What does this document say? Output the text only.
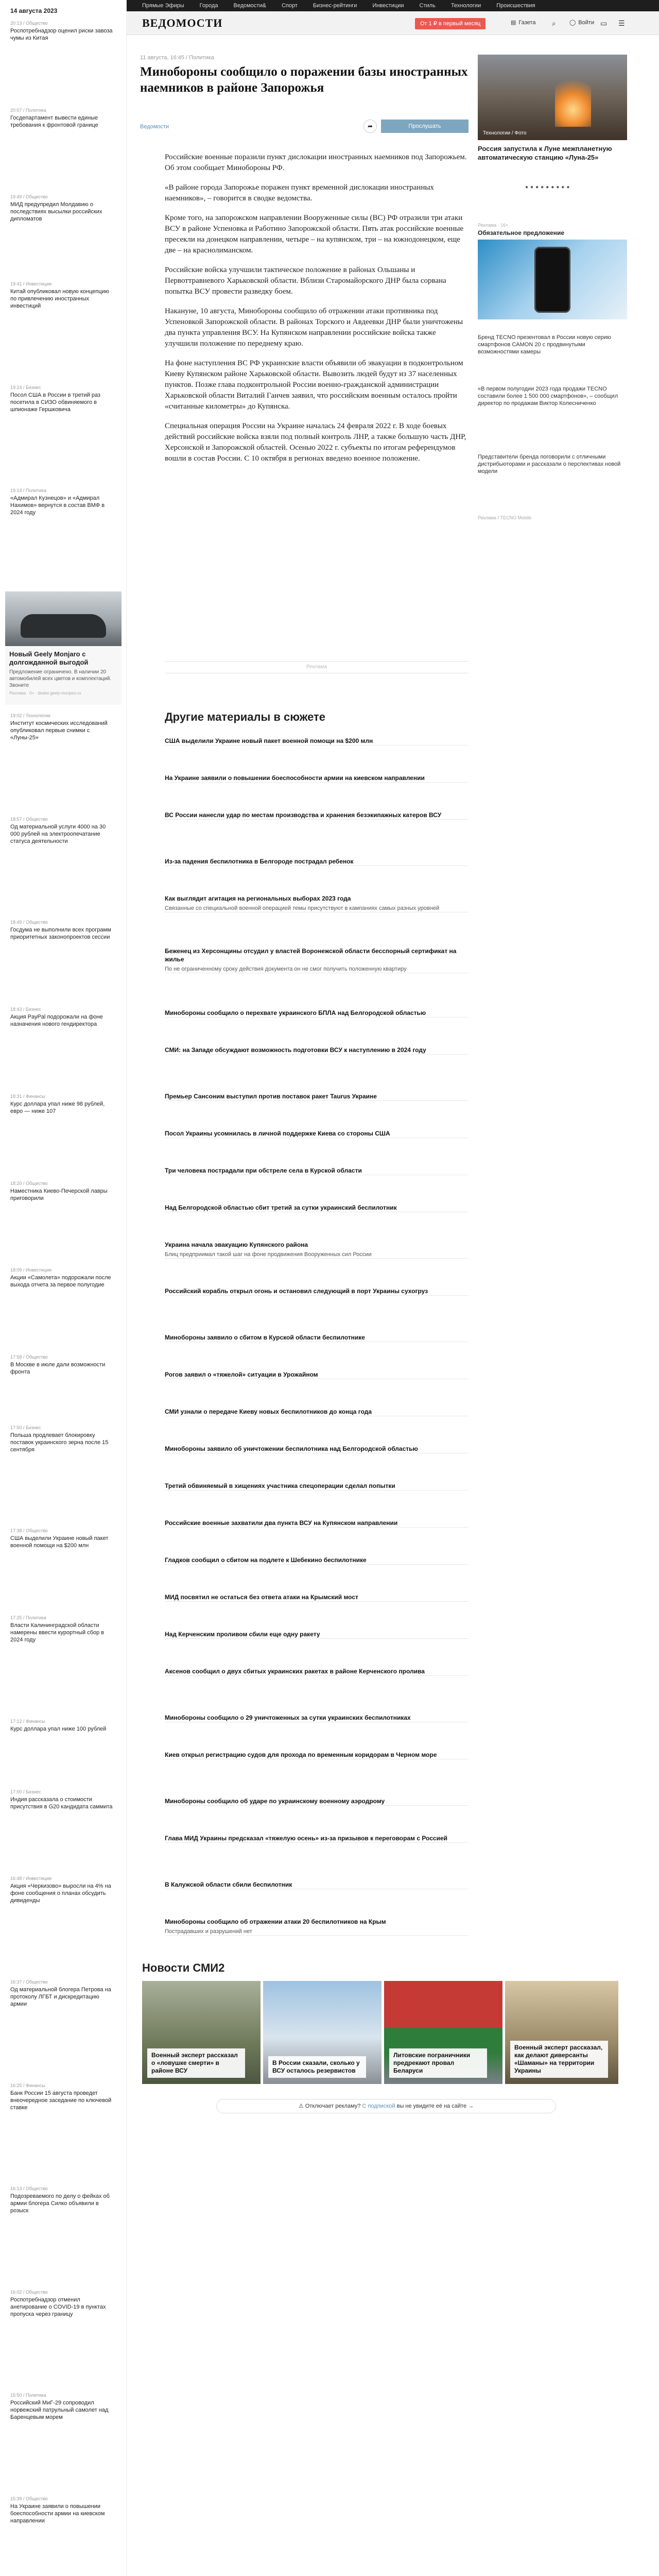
14 августа 2023
20:13 / Общество
Роспотребнадзор оценил риски завоза чумы из Китая
20:07 / Политика
Госдепартамент вывести единые требования к фронтовой границе
19:49 / Общество
МИД предупредил Молдавию о последствиях высылки российских дипломатов
19:41 / Инвестиции
Китай опубликовал новую концепцию по привлечению иностранных инвестиций
19:24 / Бизнес
Посол США в России в третий раз посетила в СИЗО обвиняемого в шпионаже Гершковича
19:14 / Политика
«Адмирал Кузнецов» и «Адмирал Нахимов» вернутся в состав ВМФ в 2024 году
Новый Geely Monjaro с долгожданной выгодой
Предложение ограничено. В наличии 20 автомобилей всех цветов и комплектаций. Звоните
Реклама · 0+ · dealer.geely-monjaro.ru
19:02 / Технологии
Институт космических исследований опубликовал первые снимки с «Луны-25»
18:57 / Общество
Од материальной услуги 4000 на 30 000 рублей на электроопечатание статуса деятельности
18:49 / Общество
Госдума не выполнили всех программ приоритетных законопроектов сессии
18:43 / Бизнес
Акция PayPal подорожали на фоне назначения нового гендиректора
18:31 / Финансы
Курс доллара упал ниже 98 рублей, евро — ниже 107
18:20 / Общество
Наместника Киево-Печерской лавры приговорили
18:09 / Инвестиции
Акции «Самолета» подорожали после выхода отчета за первое полугодие
17:58 / Общество
В Москве в июле дали возможности фронта
17:50 / Бизнес
Польша продлевает блокировку поставок украинского зерна после 15 сентября
17:38 / Общество
США выделили Украине новый пакет военной помощи на $200 млн
17:25 / Политика
Власти Калининградской области намерены ввести курортный сбор в 2024 году
17:12 / Финансы
Курс доллара упал ниже 100 рублей
17:00 / Бизнес
Индия рассказала о стоимости присутствия в G20 кандидата саммита
16:48 / Инвестиции
Акция «Черкизово» выросли на 4% на фоне сообщения о планах обсудить дивиденды
16:37 / Общество
Од материальной блогера Петрова на протоколу ЛГБТ и дискредитацию армии
16:25 / Финансы
Банк России 15 августа проведет внеочередное заседание по ключевой ставке
16:13 / Общество
Подозреваемого по делу о фейках об армии блогера Силко объявили в розыск
16:02 / Общество
Роспотребнадзор отменил анетирование о COVID-19 в пунктах пропуска через границу
15:50 / Политика
Российский МиГ-29 сопроводил норвежский патрульный самолет над Баренцевым морем
15:39 / Общество
На Украине заявили о повышении боеспособности армии на киевском направлении
Прямые Эфиры	Города	Ведомости&	Спорт	Бизнес-рейтинги	Инвестиции	Стиль	Технологии	Происшествия
ВЕДОМОСТИ	От 1 ₽ в первый месяц	▤ Газета ⌕ ◯ Войти ▭ ☰
11 августа, 16:45 / Политика
Минобороны сообщило о поражении базы иностранных наемников в районе Запорожья
Ведомости	➦	Прослушать

Российские военные поразили пункт дислокации иностранных наемников под Запорожьем. Об этом сообщает Минобороны РФ.

«В районе города Запорожье поражен пункт временной дислокации иностранных наемников», – говорится в сводке ведомства.

Кроме того, на запорожском направлении Вооруженные силы (ВС) РФ отразили три атаки ВСУ в районе Успеновка и Работино Запорожской области. Пять атак российские военные пресекли на донецком направлении, четыре – на купянском, три – на южнодонецком, еще две – на краснолиманском.

Российские войска улучшили тактическое положение в районах Ольшаны и Первоттравневого Харьковской области. Вблизи Старомайорского ДНР была сорвана попытка ВСУ провести разведку боем.

Накануне, 10 августа, Минобороны сообщило об отражении атаки противника под Успеновкой Запорожской области. В районах Торского и Авдеевки ДНР были уничтожены два пункта управления ВСУ. На Купянском направлении российские войска также улучшили положение по переднему краю.

На фоне наступления ВС РФ украинские власти объявили об эвакуации в подконтрольном Киеву Купянском районе Харьковской области. Вывозить людей будут из 37 населенных пунктов. Позже глава подконтрольной России военно-гражданской администрации Харьковской области Виталий Ганчев заявил, что российским военным осталось пройти «считанные километры» до Купянска.

Специальная операция России на Украине началась 24 февраля 2022 г. В ходе боевых действий российские войска взяли под полный контроль ЛНР, а также большую часть ДНР, Херсонской и Запорожской областей. Осенью 2022 г. субъекты по итогам референдумов вошли в состав России. С 10 октября в регионах введено военное положение.

Реклама
Другие материалы в сюжете
США выделили Украине новый пакет военной помощи на $200 млн
На Украине заявили о повышении боеспособности армии на киевском направлении
ВС России нанесли удар по местам производства и хранения безэкипажных катеров ВСУ
Из-за падения беспилотника в Белгороде пострадал ребенок
Как выглядит агитация на региональных выборах 2023 года
Связанные со специальной военной операцией темы присутствуют в кампаниях самых разных уровней
Беженец из Херсонщины отсудил у властей Воронежской области бесспорный сертификат на жилье
По не ограниченному сроку действия документа он не смог получить положенную квартиру
Минобороны сообщило о перехвате украинского БПЛА над Белгородской областью
СМИ: на Западе обсуждают возможность подготовки ВСУ к наступлению в 2024 году
Премьер Сансоним выступил против поставок ракет Taurus Украине
Посол Украины усомнилась в личной поддержке Киева со стороны США
Три человека пострадали при обстреле села в Курской области
Над Белгородской областью сбит третий за сутки украинский беспилотник
Украина начала эвакуацию Купянского района
Блиц предприимал такой шаг на фоне продвижения Вооруженных сил России
Российский корабль открыл огонь и остановил следующий в порт Украины сухогруз
Минобороны заявило о сбитом в Курской области беспилотнике
Рогов заявил о «тяжелой» ситуации в Урожайном
СМИ узнали о передаче Киеву новых беспилотников до конца года
Минобороны заявило об уничтожении беспилотника над Белгородской областью
Третий обвиняемый в хищениях участника спецоперации сделал попытки
Российские военные захватили два пункта ВСУ на Купянском направлении
Гладков сообщил о сбитом на подлете к Шебекино беспилотнике
МИД посвятил не остаться без ответа атаки на Крымский мост
Над Керченским проливом сбили еще одну ракету
Аксенов сообщил о двух сбитых украинских ракетах в районе Керченского пролива
Минобороны сообщило о 29 уничтоженных за сутки украинских беспилотниках
Киев открыл регистрацию судов для прохода по временным коридорам в Черном море
Минобороны сообщило об ударе по украинскому военному аэродрому
Глава МИД Украины предсказал «тяжелую осень» из-за призывов к переговорам с Россией
В Калужской области сбили беспилотник
Минобороны сообщило об отражении атаки 20 беспилотников на Крым
Пострадавших и разрушений нет
Новости СМИ2
Военный эксперт рассказал о «ловушке смерти» в районе ВСУ
В России сказали, сколько у ВСУ осталось резервистов
Литовские пограничники предрекают провал Беларуси
Военный эксперт рассказал, как делают диверсанты «Шаманы» на территории Украины
⚠ Отключает рекламу? С подпиской вы не увидите её на сайте →
Технологии / Фото
Россия запустила к Луне межпланетную автоматическую станцию «Луна-25»
●●●●●●●●●
Реклама · 16+
Обязательное предложение
Бренд TECNO презентовал в России новую серию смартфонов CAMON 20 с продвинутыми возможностями камеры
«В первом полугодии 2023 года продажи TECNO составили более 1 500 000 смартфонов», – сообщил директор по продажам Виктор Колесниченко
Представители бренда поговорили с отличными дистрибьюторами и рассказали о перспективах новой модели
Реклама / TECNO Mobile
